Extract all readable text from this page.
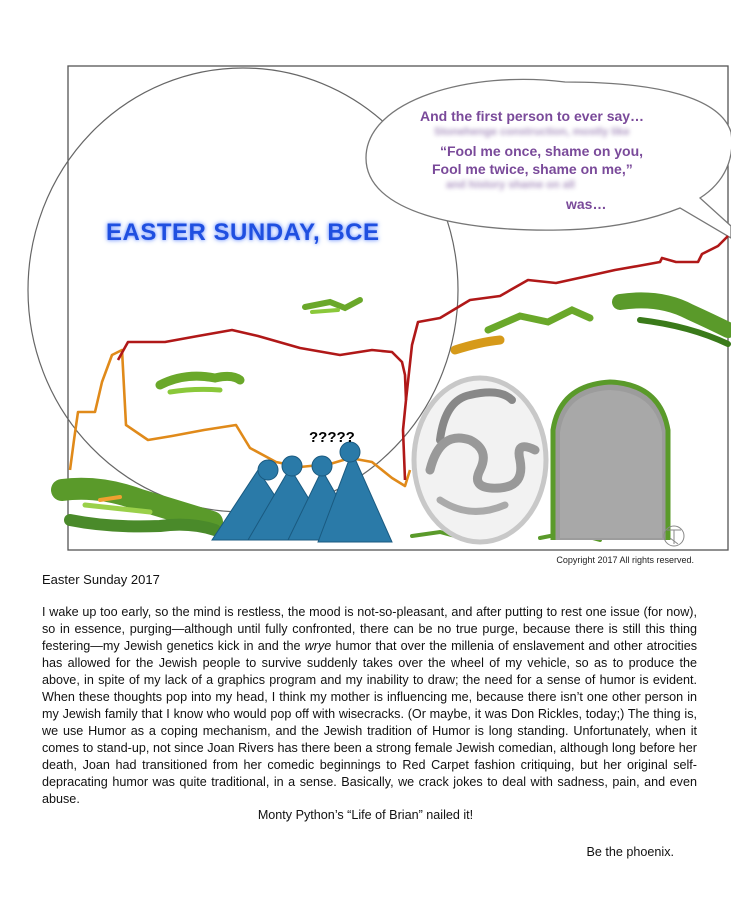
And the first person to ever say…
Stonehenge construction, mostly like
“Fool me once, shame on you,
Fool me twice, shame on me,”
and history shame on all
was…
EASTER SUNDAY, BCE
?????
Copyright 2017 All rights reserved.
Easter Sunday 2017

I wake up too early, so the mind is restless, the mood is not-so-pleasant, and after putting to rest one issue (for now), so in essence, purging—although until fully confronted, there can be no true purge, because there is still this thing festering—my Jewish genetics kick in and the wrye humor that over the millenia of enslavement and other atrocities has allowed for the Jewish people to survive suddenly takes over the wheel of my vehicle, so as to produce the above, in spite of my lack of a graphics program and my inability to draw; the need for a sense of humor is evident. When these thoughts pop into my head, I think my mother is influencing me, because there isn’t one other person in my Jewish family that I know who would pop off with wisecracks. (Or maybe, it was Don Rickles, today;) The thing is, we use Humor as a coping mechanism, and the Jewish tradition of Humor is long standing. Unfortunately, when it comes to stand-up, not since Joan Rivers has there been a strong female Jewish comedian, although long before her death, Joan had transitioned from her comedic beginnings to Red Carpet fashion critiquing, but her original self-depracating humor was quite traditional, in a sense. Basically, we crack jokes to deal with sadness, pain, and even abuse.

Monty Python’s “Life of Brian” nailed it!
Be the phoenix.
